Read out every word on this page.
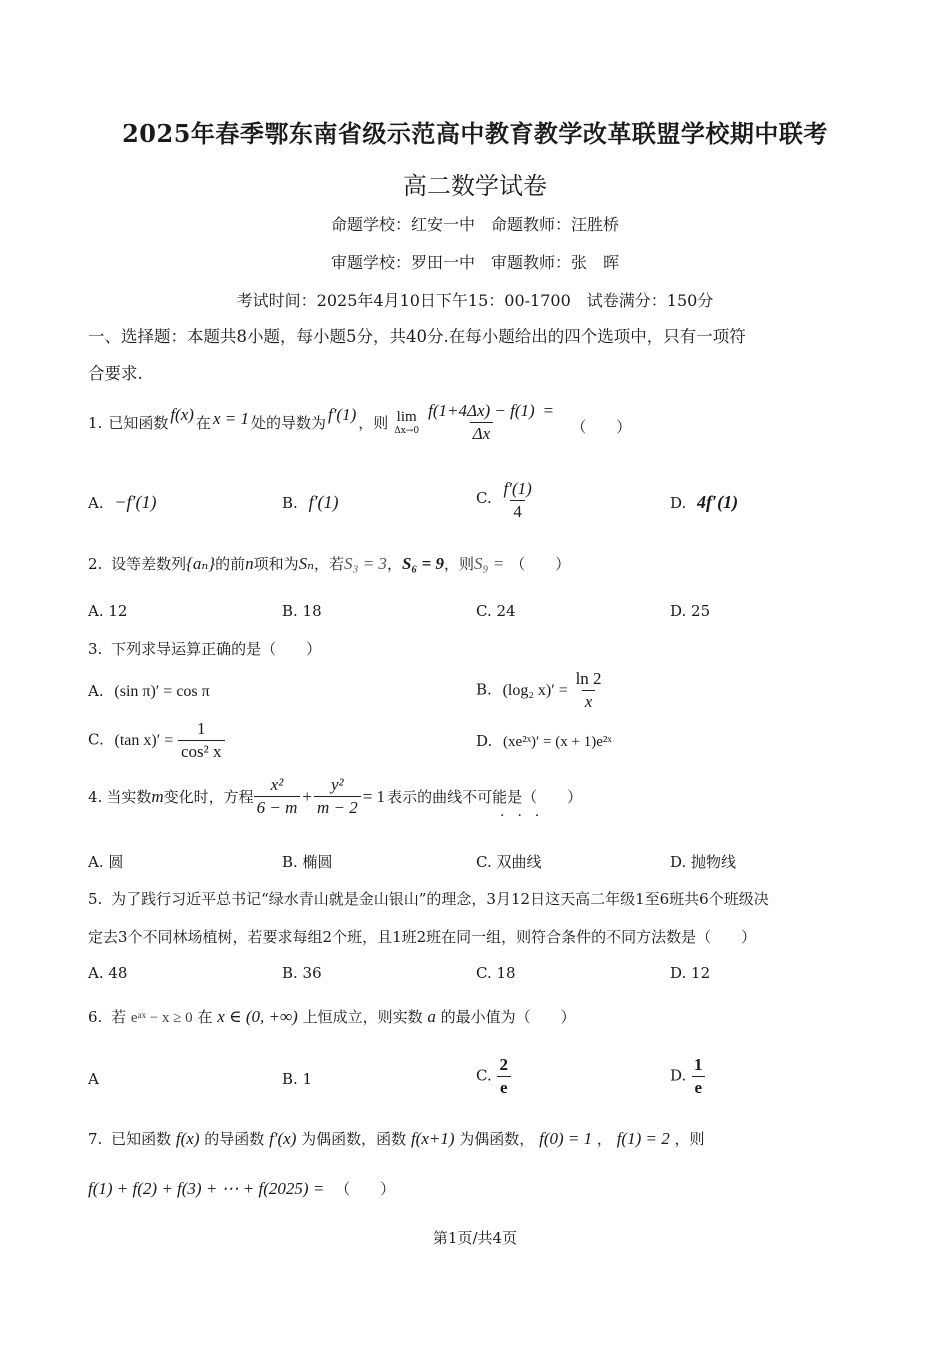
2025年春季鄂东南省级示范高中教育教学改革联盟学校期中联考
高二数学试卷
命题学校：红安一中　命题教师：汪胜桥
审题学校：罗田一中　审题教师：张　晖
考试时间：2025年4月10日下午15：00-1700　试卷满分：150分
一、选择题：本题共8小题，每小题5分，共40分.在每小题给出的四个选项中，只有一项符
合要求.
1. 已知函数 f(x) 在 x = 1 处的导数为 f′(1) ，则 lim
$\Delta x\to 0 \frac{f(1+4\Delta x) - f(1)}{\Delta x}$ =
（　　）
A. −f′(1)	B. f′(1)	C. $\frac{f'(1)}{4}$	D. 4f′(1)
2. 设等差数列{aₙ}的前n项和为Sₙ，若S₃ = 3，S₆ = 9，则S₉ = （　　）
A. 12	B. 18	C. 24	D. 25
3. 下列求导运算正确的是（　　）
A. (sin π)′ = cos π	B. (log₂ $x)' = \frac{\ln 2}{x}$
C. (tan $x)' = \frac{1}{\text{cos² x}}$	D. (xe²ˣ)′ = (x + 1)e²ˣ
4. 当实数 m 变化时，方程 $\frac{\text{x²}}{6 - m} + \frac{\text{y²}}{m - 2} = 1$ 表示的曲线不可能是（　　）
···
A. 圆	B. 椭圆	C. 双曲线	D. 抛物线
5. 为了践行习近平总书记“绿水青山就是金山银山”的理念，3月12日这天高二年级1至6班共6个班级决
定去3个不同林场植树，若要求每组2个班，且1班2班在同一组，则符合条件的不同方法数是（　　）
A. 48	B. 36	C. 18	D. 12
6. 若 eᵃˣ − x ≥ 0 在 x ∈ (0, +∞) 上恒成立，则实数 a 的最小值为（　　）
A	B. 1	C. $\frac{2}{e}$	D. $\frac{1}{e}$
7. 已知函数 f(x) 的导函数 f′(x) 为偶函数，函数 f(x+1) 为偶函数， f(0) = 1 ， f(1) = 2 ，则
f(1) + f(2) + f(3) + ⋯ + f(2025) = （　　）
第1页/共4页
